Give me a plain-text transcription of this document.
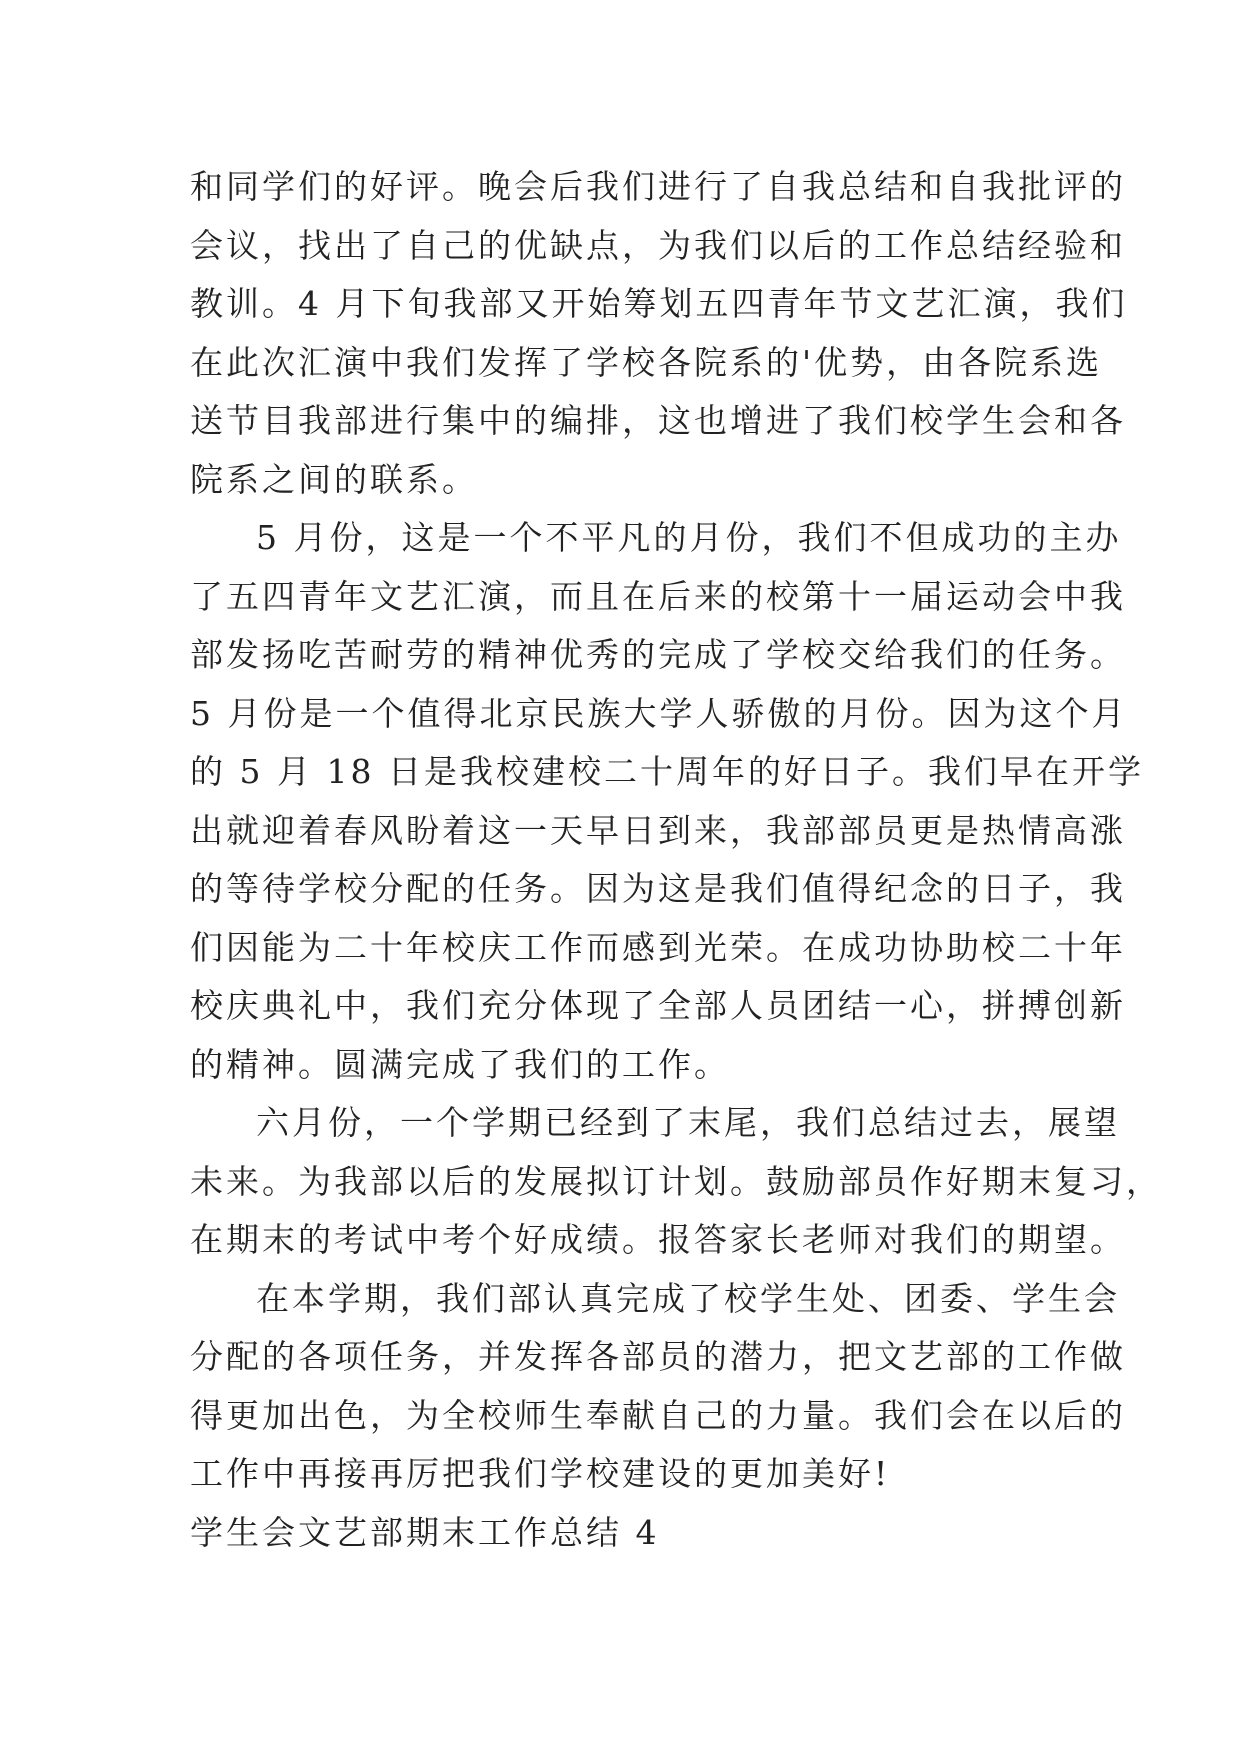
和同学们的好评。晚会后我们进行了自我总结和自我批评的
会议，找出了自己的优缺点，为我们以后的工作总结经验和
教训。4 月下旬我部又开始筹划五四青年节文艺汇演，我们
在此次汇演中我们发挥了学校各院系的'优势，由各院系选
送节目我部进行集中的编排，这也增进了我们校学生会和各
院系之间的联系。
5 月份，这是一个不平凡的月份，我们不但成功的主办
了五四青年文艺汇演，而且在后来的校第十一届运动会中我
部发扬吃苦耐劳的精神优秀的完成了学校交给我们的任务。
5 月份是一个值得北京民族大学人骄傲的月份。因为这个月
的 5 月 18 日是我校建校二十周年的好日子。我们早在开学
出就迎着春风盼着这一天早日到来，我部部员更是热情高涨
的等待学校分配的任务。因为这是我们值得纪念的日子，我
们因能为二十年校庆工作而感到光荣。在成功协助校二十年
校庆典礼中，我们充分体现了全部人员团结一心，拼搏创新
的精神。圆满完成了我们的工作。
六月份，一个学期已经到了末尾，我们总结过去，展望
未来。为我部以后的发展拟订计划。鼓励部员作好期末复习，
在期末的考试中考个好成绩。报答家长老师对我们的期望。
在本学期，我们部认真完成了校学生处、团委、学生会
分配的各项任务，并发挥各部员的潜力，把文艺部的工作做
得更加出色，为全校师生奉献自己的力量。我们会在以后的
工作中再接再厉把我们学校建设的更加美好!
学生会文艺部期末工作总结 4
